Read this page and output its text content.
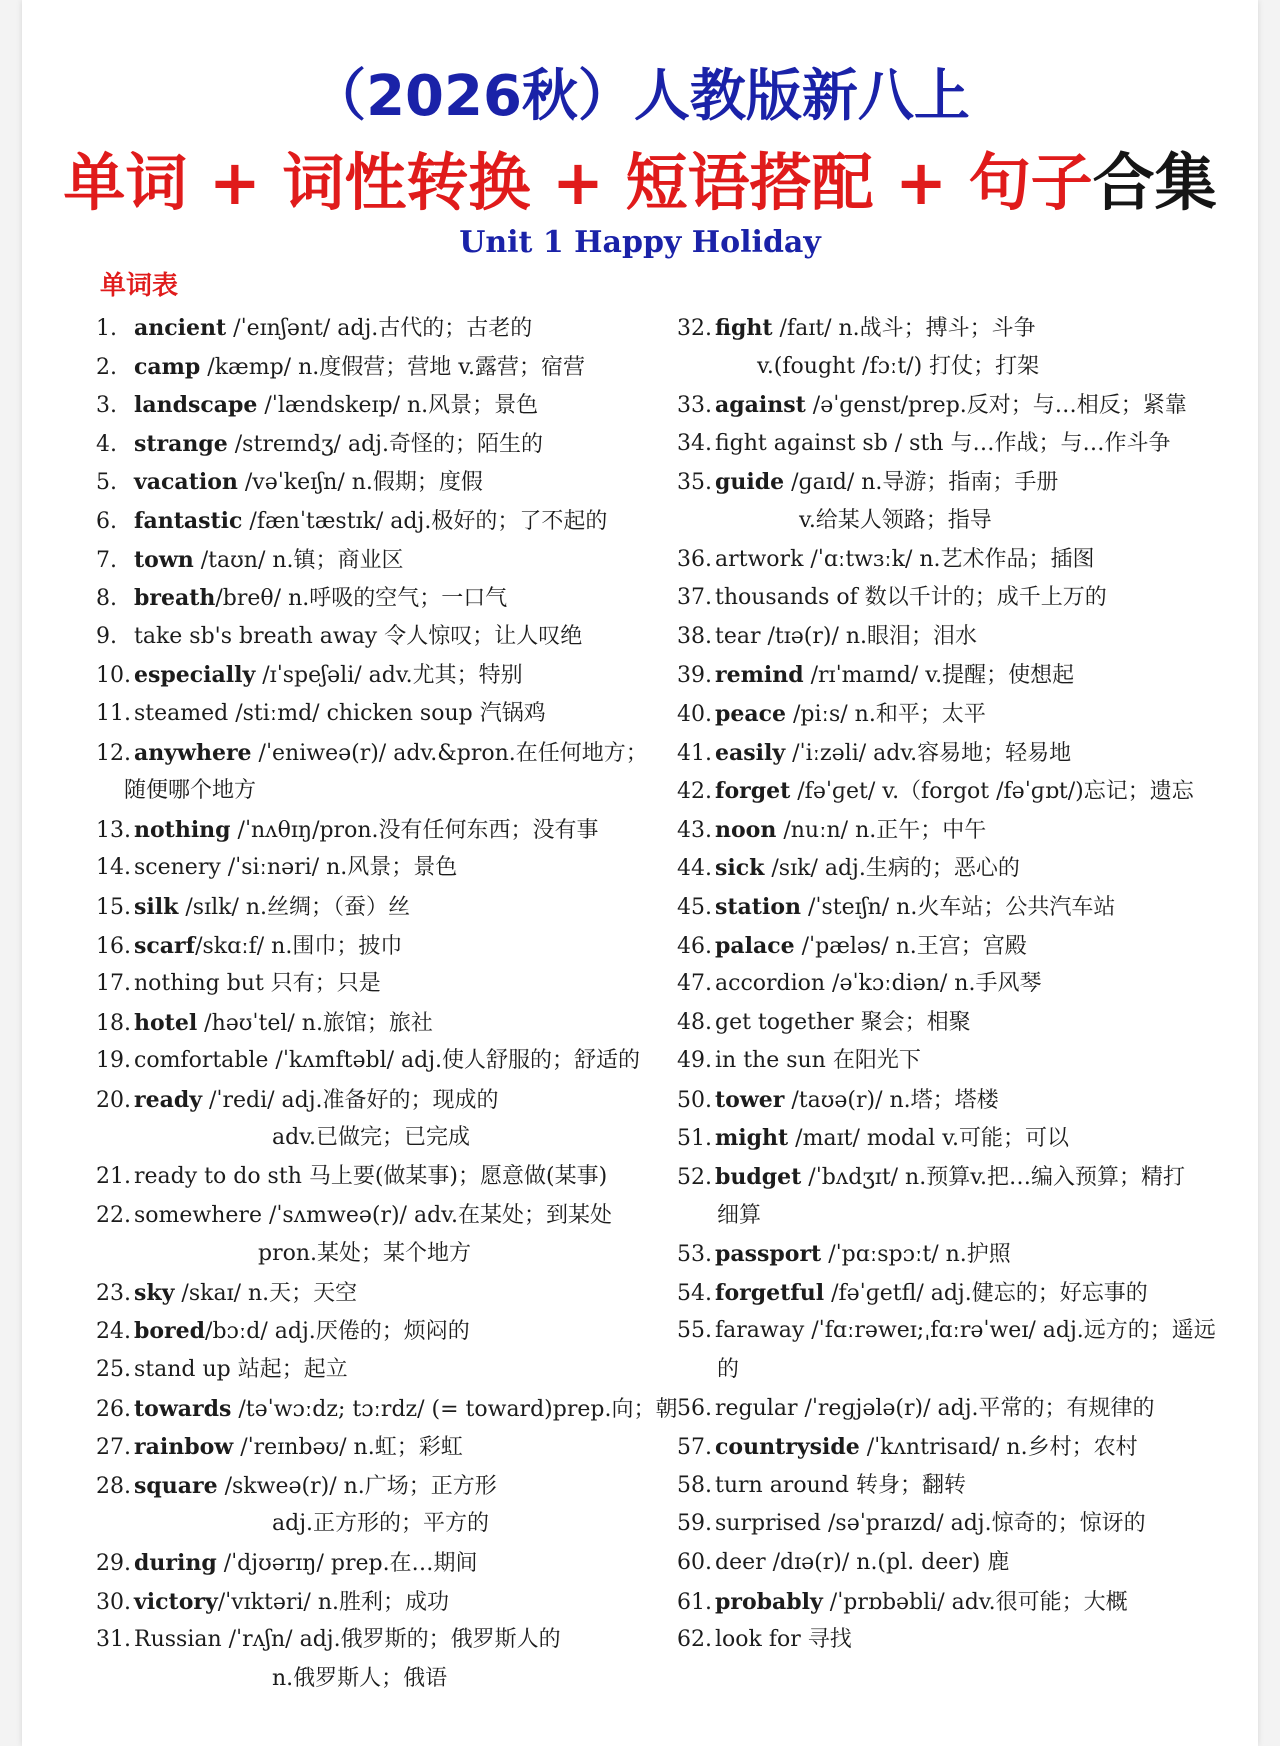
（2026秋）人教版新八上
单词 + 词性转换 + 短语搭配 + 句子合集
Unit 1 Happy Holiday
单词表
1. ancient /ˈeɪnʃənt/ adj.古代的；古老的
2. camp /kæmp/ n.度假营；营地 v.露营；宿营
3. landscape /ˈlændskeɪp/ n.风景；景色
4. strange /streɪndʒ/ adj.奇怪的；陌生的
5. vacation /vəˈkeɪʃn/ n.假期；度假
6. fantastic /fænˈtæstɪk/ adj.极好的；了不起的
7. town /taʊn/ n.镇；商业区
8. breath/breθ/ n.呼吸的空气；一口气
9. take sb's breath away 令人惊叹；让人叹绝
10. especially /ɪˈspeʃəli/ adv.尤其；特别
11. steamed /stiːmd/ chicken soup 汽锅鸡
12. anywhere /ˈeniweə(r)/ adv.&pron.在任何地方；
随便哪个地方
13. nothing /ˈnʌθɪŋ/pron.没有任何东西；没有事
14. scenery /ˈsiːnəri/ n.风景；景色
15. silk /sɪlk/ n.丝绸；（蚕）丝
16. scarf/skɑːf/ n.围巾；披巾
17. nothing but 只有；只是
18. hotel /həʊˈtel/ n.旅馆；旅社
19. comfortable /ˈkʌmftəbl/ adj.使人舒服的；舒适的
20. ready /ˈredi/ adj.准备好的；现成的
adv.已做完；已完成
21. ready to do sth 马上要(做某事)；愿意做(某事)
22. somewhere /ˈsʌmweə(r)/ adv.在某处；到某处
pron.某处；某个地方
23. sky /skaɪ/ n.天；天空
24. bored/bɔːd/ adj.厌倦的；烦闷的
25. stand up 站起；起立
26. towards /təˈwɔːdz; tɔːrdz/ (= toward)prep.向；朝
27. rainbow /ˈreɪnbəʊ/ n.虹；彩虹
28. square /skweə(r)/ n.广场；正方形
adj.正方形的；平方的
29. during /ˈdjʊərɪŋ/ prep.在…期间
30. victory/ˈvɪktəri/ n.胜利；成功
31. Russian /ˈrʌʃn/ adj.俄罗斯的；俄罗斯人的
n.俄罗斯人；俄语
32. fight /faɪt/ n.战斗；搏斗；斗争
v.(fought /fɔːt/) 打仗；打架
33. against /əˈɡenst/prep.反对；与…相反；紧靠
34. fight against sb / sth 与…作战；与…作斗争
35. guide /ɡaɪd/ n.导游；指南；手册
v.给某人领路；指导
36. artwork /ˈɑːtwɜːk/ n.艺术作品；插图
37. thousands of 数以千计的；成千上万的
38. tear /tɪə(r)/ n.眼泪；泪水
39. remind /rɪˈmaɪnd/ v.提醒；使想起
40. peace /piːs/ n.和平；太平
41. easily /ˈiːzəli/ adv.容易地；轻易地
42. forget /fəˈɡet/ v.（forgot /fəˈɡɒt/)忘记；遗忘
43. noon /nuːn/ n.正午；中午
44. sick /sɪk/ adj.生病的；恶心的
45. station /ˈsteɪʃn/ n.火车站；公共汽车站
46. palace /ˈpæləs/ n.王宫；宫殿
47. accordion /əˈkɔːdiən/ n.手风琴
48. get together 聚会；相聚
49. in the sun 在阳光下
50. tower /taʊə(r)/ n.塔；塔楼
51. might /maɪt/ modal v.可能；可以
52. budget /ˈbʌdʒɪt/ n.预算v.把…编入预算；精打
细算
53. passport /ˈpɑːspɔːt/ n.护照
54. forgetful /fəˈɡetfl/ adj.健忘的；好忘事的
55. faraway /ˈfɑːrəweɪ;ˌfɑːrəˈweɪ/ adj.远方的；遥远
的
56. regular /ˈreɡjələ(r)/ adj.平常的；有规律的
57. countryside /ˈkʌntrisaɪd/ n.乡村；农村
58. turn around 转身；翻转
59. surprised /səˈpraɪzd/ adj.惊奇的；惊讶的
60. deer /dɪə(r)/ n.(pl. deer) 鹿
61. probably /ˈprɒbəbli/ adv.很可能；大概
62. look for 寻找
